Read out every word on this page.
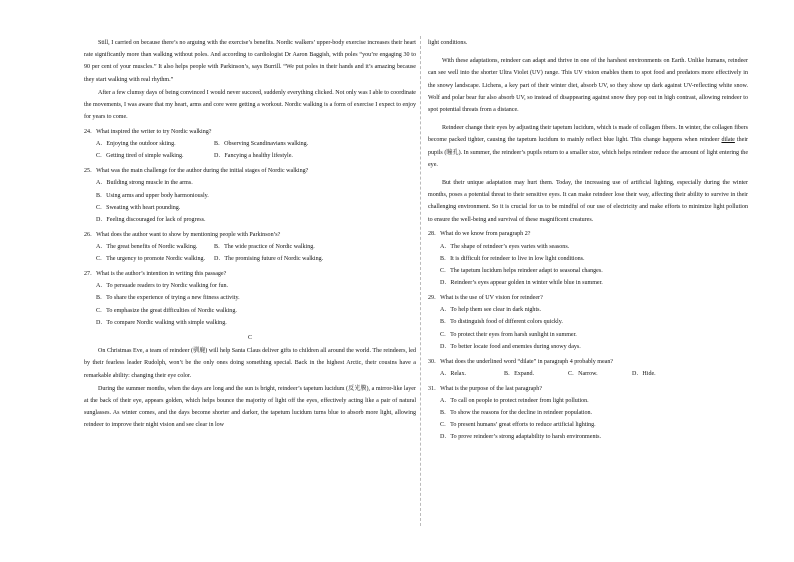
Still, I carried on because there’s no arguing with the exercise’s benefits. Nordic walkers’ upper-body exercise increases their heart rate significantly more than walking without poles. And according to cardiologist Dr Aaron Baggish, with poles “you’re engaging 30 to 90 per cent of your muscles.” It also helps people with Parkinson’s, says Burrill. “We put poles in their hands and it’s amazing because they start walking with real rhythm.”

After a few clumsy days of being convinced I would never succeed, suddenly everything clicked. Not only was I able to coordinate the movements, I was aware that my heart, arms and core were getting a workout. Nordic walking is a form of exercise I expect to enjoy for years to come.

24．What inspired the writer to try Nordic walking?
A．Enjoying the outdoor skiing.	B．Observing Scandinavians walking.
C．Getting tired of simple walking.	D．Fancying a healthy lifestyle.
25．What was the main challenge for the author during the initial stages of Nordic walking?
A．Building strong muscle in the arms.
B．Using arms and upper body harmoniously.
C．Sweating with heart pounding.
D．Feeling discouraged for lack of progress.
26．What does the author want to show by mentioning people with Parkinson’s?
A．The great benefits of Nordic walking.	B．The wide practice of Nordic walking.
C．The urgency to promote Nordic walking.	D．The promising future of Nordic walking.
27．What is the author’s intention in writing this passage?
A．To persuade readers to try Nordic walking for fun.
B．To share the experience of trying a new fitness activity.
C．To emphasize the great difficulties of Nordic walking.
D．To compare Nordic walking with simple walking.
C

On Christmas Eve, a team of reindeer (驯鹿) will help Santa Claus deliver gifts to children all around the world. The reindeers, led by their fearless leader Rudolph, won’t be the only ones doing something special. Back in the highest Arctic, their cousins have a remarkable ability: changing their eye color.

During the summer months, when the days are long and the sun is bright, reindeer’s tapetum lucidum (反光膜), a mirror-like layer at the back of their eye, appears golden, which helps bounce the majority of light off the eyes, effectively acting like a pair of natural sunglasses. As winter comes, and the days become shorter and darker, the tapetum lucidum turns blue to absorb more light, allowing reindeer to improve their night vision and see clear in low

light conditions.

With these adaptations, reindeer can adapt and thrive in one of the harshest environments on Earth. Unlike humans, reindeer can see well into the shorter Ultra Violet (UV) range. This UV vision enables them to spot food and predators more effectively in the snowy landscape. Lichens, a key part of their winter diet, absorb UV, so they show up dark against UV-reflecting white snow. Wolf and polar bear fur also absorb UV, so instead of disappearing against snow they pop out in high contrast, allowing reindeer to spot potential threats from a distance.

Reindeer change their eyes by adjusting their tapetum lucidum, which is made of collagen fibers. In winter, the collagen fibers become packed tighter, causing the tapetum lucidum to mainly reflect blue light. This change happens when reindeer dilate their pupils (瞳孔). In summer, the reindeer’s pupils return to a smaller size, which helps reindeer reduce the amount of light entering the eye.

But their unique adaptation may hurt them. Today, the increasing use of artificial lighting, especially during the winter months, poses a potential threat to their sensitive eyes. It can make reindeer lose their way, affecting their ability to survive in their challenging environment. So it is crucial for us to be mindful of our use of electricity and make efforts to minimize light pollution to ensure the well-being and survival of these magnificent creatures.

28．What do we know from paragraph 2?
A．The shape of reindeer’s eyes varies with seasons.
B．It is difficult for reindeer to live in low light conditions.
C．The tapetum lucidum helps reindeer adapt to seasonal changes.
D．Reindeer’s eyes appear golden in winter while blue in summer.
29．What is the use of UV vision for reindeer?
A．To help them see clear in dark nights.
B．To distinguish food of different colors quickly.
C．To protect their eyes from harsh sunlight in summer.
D．To better locate food and enemies during snowy days.
30．What does the underlined word “dilate” in paragraph 4 probably mean?
A．Relax.	B．Expand.	C．Narrow.	D．Hide.
31．What is the purpose of the last paragraph?
A．To call on people to protect reindeer from light pollution.
B．To show the reasons for the decline in reindeer population.
C．To present humans’ great efforts to reduce artificial lighting.
D．To prove reindeer’s strong adaptability to harsh environments.
